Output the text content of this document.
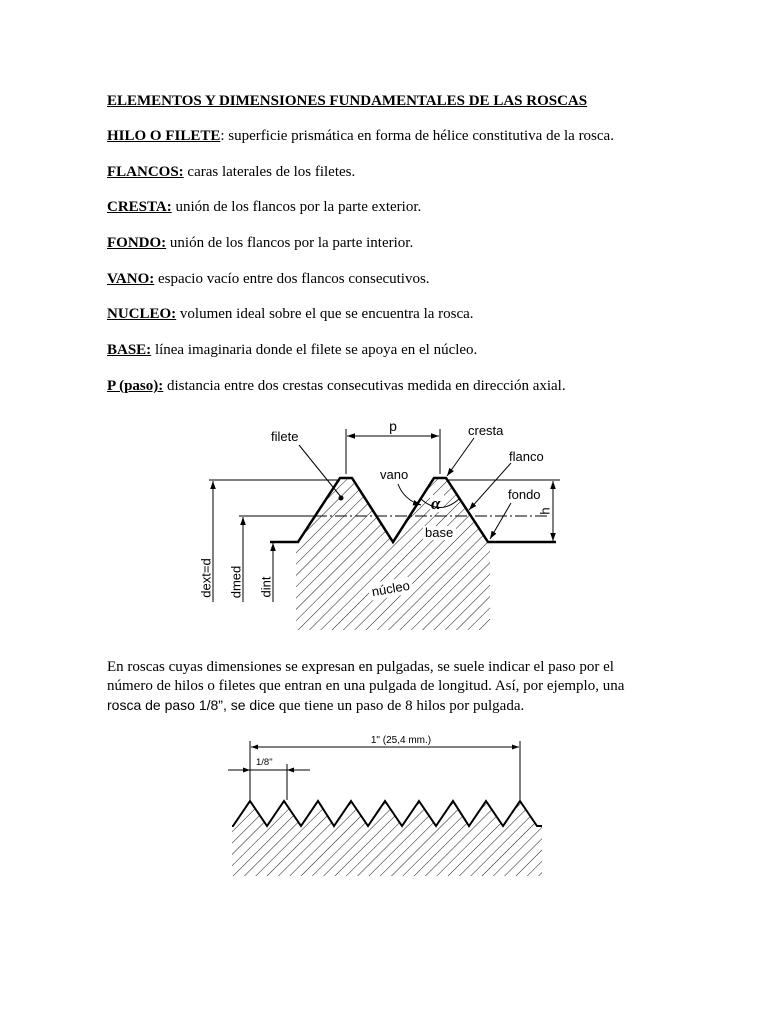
ELEMENTOS Y DIMENSIONES FUNDAMENTALES DE LAS ROSCAS
HILO O FILETE: superficie prismática en forma de hélice constitutiva de la rosca.
FLANCOS: caras laterales de los filetes.
CRESTA: unión de los flancos por la parte exterior.
FONDO: unión de los flancos por la parte interior.
VANO: espacio vacío entre dos flancos consecutivos.
NUCLEO: volumen ideal sobre el que se encuentra la rosca.
BASE: línea imaginaria donde el filete se apoya en el núcleo.
P (paso): distancia entre dos crestas consecutivas medida en dirección axial.
dext=d dmed dint
h
p
filete	cresta
flanco
vano
α	fondo
base
núcleo
En roscas cuyas dimensiones se expresan en pulgadas, se suele indicar el paso por el
número de hilos o filetes que entran en una pulgada de longitud. Así, por ejemplo, una
rosca de paso 1/8”, se dice que tiene un paso de 8 hilos por pulgada.
1" (25,4 mm.)
1/8"
